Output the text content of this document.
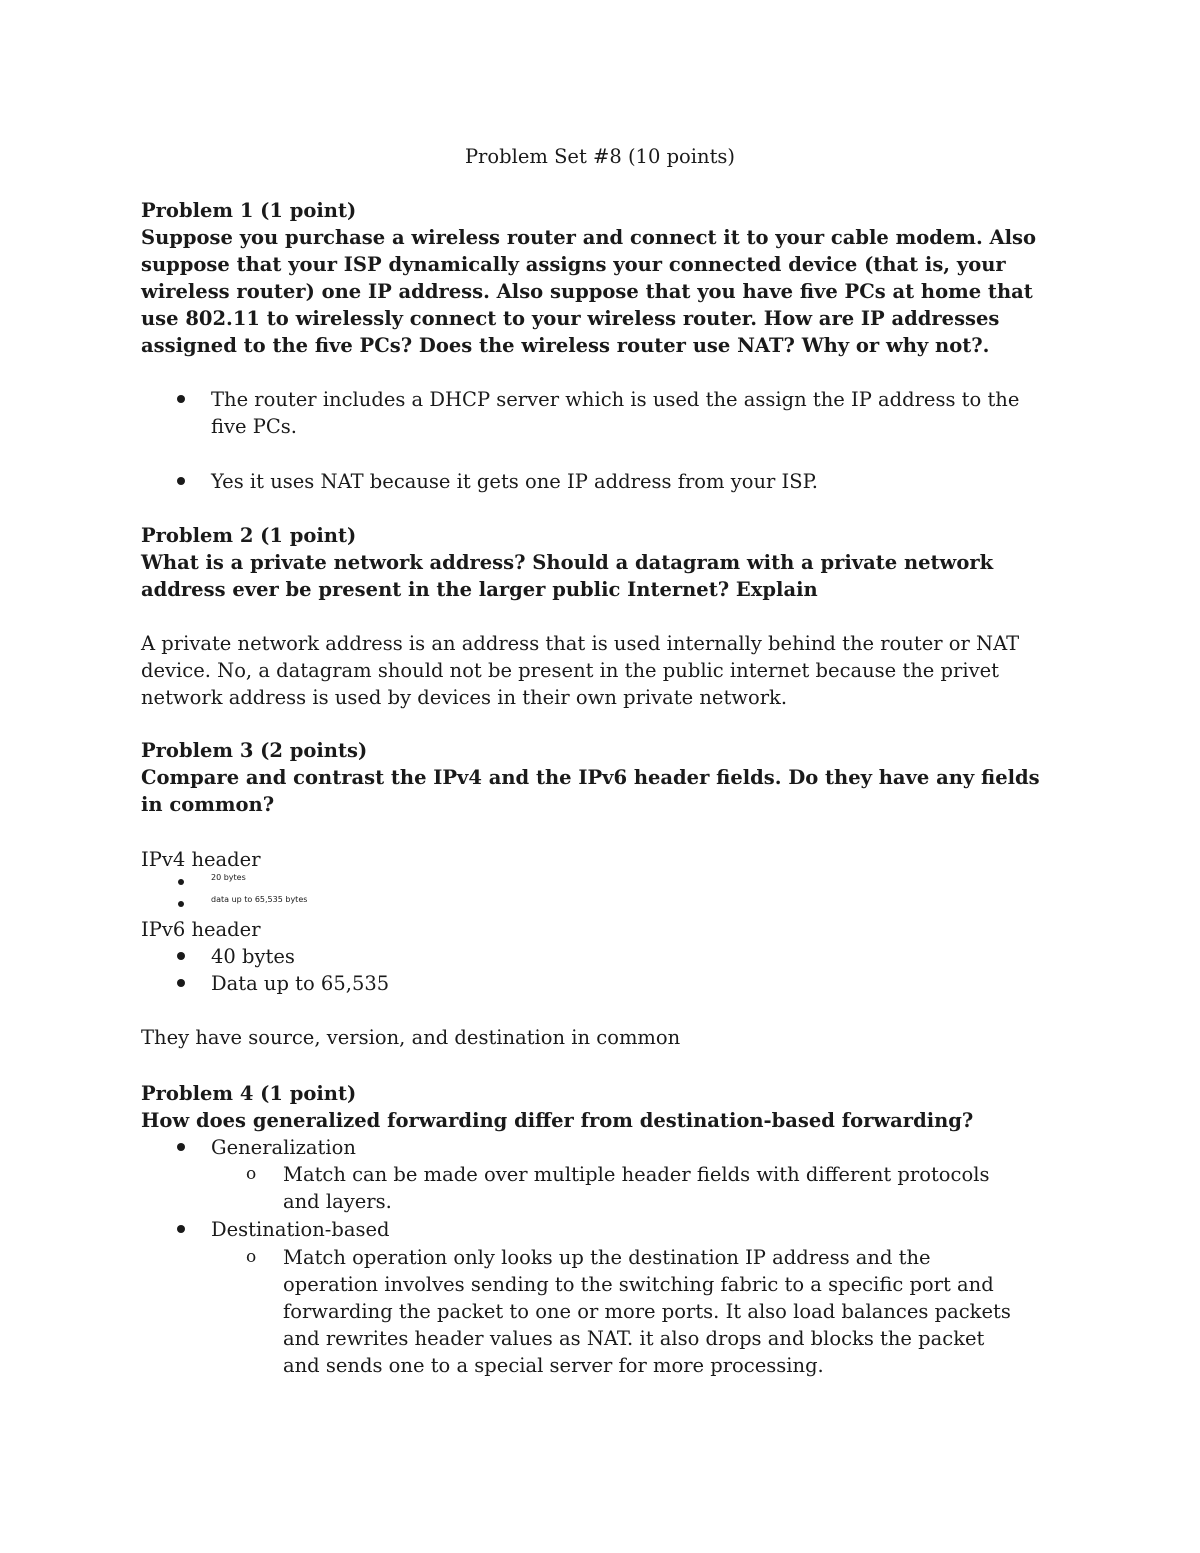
Problem Set #8 (10 points)
Problem 1 (1 point)
Suppose you purchase a wireless router and connect it to your cable modem. Also suppose that your ISP dynamically assigns your connected device (that is, your wireless router) one IP address. Also suppose that you have five PCs at home that use 802.11 to wirelessly connect to your wireless router. How are IP addresses assigned to the five PCs? Does the wireless router use NAT? Why or why not?.
The router includes a DHCP server which is used the assign the IP address to the five PCs.
Yes it uses NAT because it gets one IP address from your ISP.
Problem 2 (1 point)
What is a private network address? Should a datagram with a private network address ever be present in the larger public Internet? Explain
A private network address is an address that is used internally behind the router or NAT device. No, a datagram should not be present in the public internet because the privet network address is used by devices in their own private network.
Problem 3 (2 points)
Compare and contrast the IPv4 and the IPv6 header fields. Do they have any fields in common?
IPv4 header
20 bytes
data up to 65,535 bytes
IPv6 header
40 bytes
Data up to 65,535
They have source, version, and destination in common
Problem 4 (1 point)
How does generalized forwarding differ from destination-based forwarding?
Generalization
o Match can be made over multiple header fields with different protocols and layers.
Destination-based
o Match operation only looks up the destination IP address and the operation involves sending to the switching fabric to a specific port and forwarding the packet to one or more ports. It also load balances packets and rewrites header values as NAT. it also drops and blocks the packet and sends one to a special server for more processing.
